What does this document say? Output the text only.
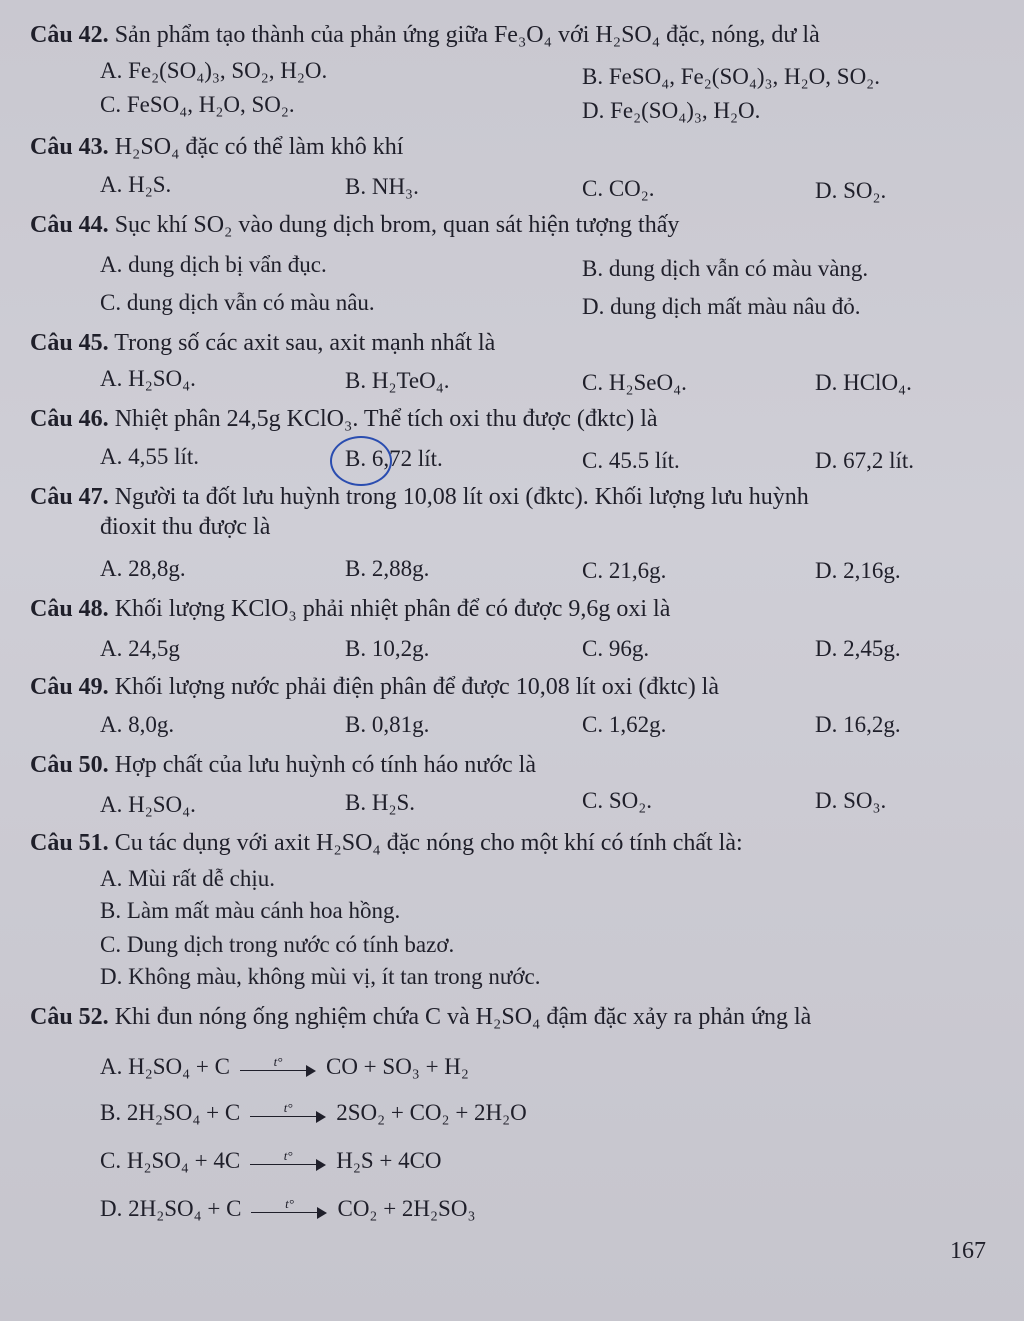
Câu 42. Sản phẩm tạo thành của phản ứng giữa Fe₃O₄ với H₂SO₄ đặc, nóng, dư là
A. Fe₂(SO₄)₃, SO₂, H₂O.	B. FeSO₄, Fe₂(SO₄)₃, H₂O, SO₂.
C. FeSO₄, H₂O, SO₂.	D. Fe₂(SO₄)₃, H₂O.
Câu 43. H₂SO₄ đặc có thể làm khô khí
A. H₂S.	B. NH₃.	C. CO₂.	D. SO₂.
Câu 44. Sục khí SO₂ vào dung dịch brom, quan sát hiện tượng thấy
A. dung dịch bị vẩn đục.	B. dung dịch vẫn có màu vàng.
C. dung dịch vẫn có màu nâu.	D. dung dịch mất màu nâu đỏ.
Câu 45. Trong số các axit sau, axit mạnh nhất là
A. H₂SO₄.	B. H₂TeO₄.	C. H₂SeO₄.	D. HClO₄.
Câu 46. Nhiệt phân 24,5g KClO₃. Thể tích oxi thu được (đktc) là
A. 4,55 lít.	B. 6,72 lít.	C. 45.5 lít.	D. 67,2 lít.
Câu 47. Người ta đốt lưu huỳnh trong 10,08 lít oxi (đktc). Khối lượng lưu huỳnh
đioxit thu được là
A. 28,8g.	B. 2,88g.	C. 21,6g.	D. 2,16g.
Câu 48. Khối lượng KClO₃ phải nhiệt phân để có được 9,6g oxi là
A. 24,5g	B. 10,2g.	C. 96g.	D. 2,45g.
Câu 49. Khối lượng nước phải điện phân để được 10,08 lít oxi (đktc) là
A. 8,0g.	B. 0,81g.	C. 1,62g.	D. 16,2g.
Câu 50. Hợp chất của lưu huỳnh có tính háo nước là
A. H₂SO₄.	B. H₂S.	C. SO₂.	D. SO₃.
Câu 51. Cu tác dụng với axit H₂SO₄ đặc nóng cho một khí có tính chất là:
A. Mùi rất dễ chịu.
B. Làm mất màu cánh hoa hồng.
C. Dung dịch trong nước có tính bazơ.
D. Không màu, không mùi vị, ít tan trong nước.
Câu 52. Khi đun nóng ống nghiệm chứa C và H₂SO₄ đậm đặc xảy ra phản ứng là
A. H₂SO₄ + C	t°	CO + SO₃ + H₂
B. 2H₂SO₄ + C	t°	2SO₂ + CO₂ + 2H₂O
C. H₂SO₄ + 4C	t°	H₂S + 4CO
D. 2H₂SO₄ + C	t°	CO₂ + 2H₂SO₃
167
